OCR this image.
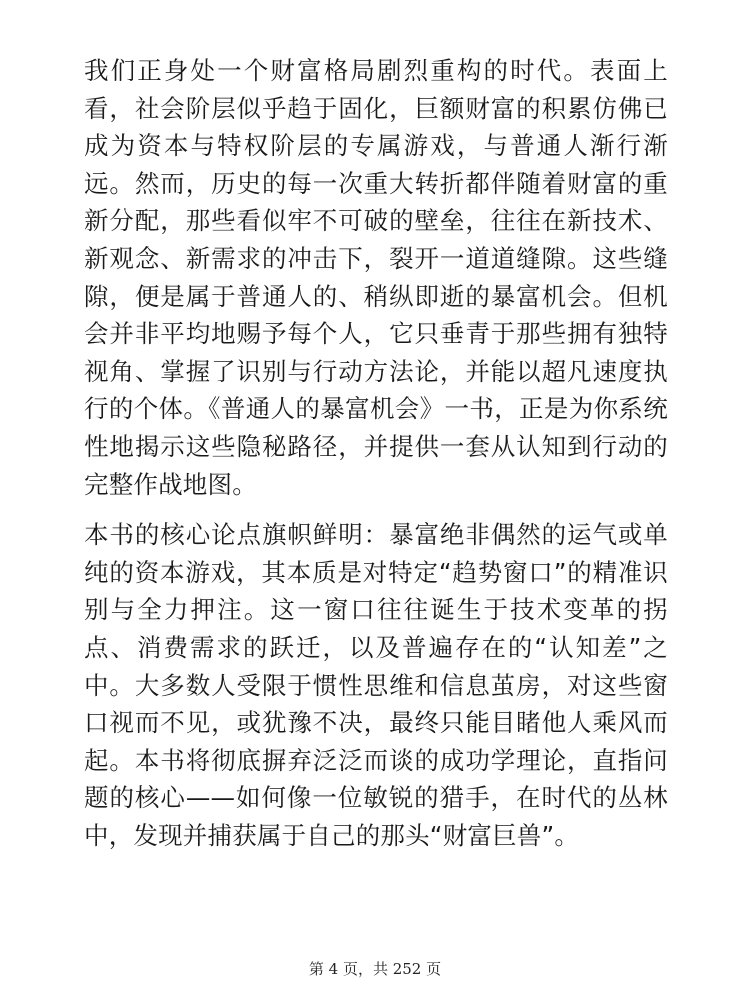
我们正身处一个财富格局剧烈重构的时代。表面上看，社会阶层似乎趋于固化，巨额财富的积累仿佛已成为资本与特权阶层的专属游戏，与普通人渐行渐远。然而，历史的每一次重大转折都伴随着财富的重新分配，那些看似牢不可破的壁垒，往往在新技术、新观念、新需求的冲击下，裂开一道道缝隙。这些缝隙，便是属于普通人的、稍纵即逝的暴富机会。但机会并非平均地赐予每个人，它只垂青于那些拥有独特视角、掌握了识别与行动方法论，并能以超凡速度执行的个体。《普通人的暴富机会》一书，正是为你系统性地揭示这些隐秘路径，并提供一套从认知到行动的完整作战地图。

本书的核心论点旗帜鲜明：暴富绝非偶然的运气或单纯的资本游戏，其本质是对特定“趋势窗口”的精准识别与全力押注。这一窗口往往诞生于技术变革的拐点、消费需求的跃迁，以及普遍存在的“认知差”之中。大多数人受限于惯性思维和信息茧房，对这些窗口视而不见，或犹豫不决，最终只能目睹他人乘风而起。本书将彻底摒弃泛泛而谈的成功学理论，直指问题的核心——如何像一位敏锐的猎手，在时代的丛林中，发现并捕获属于自己的那头“财富巨兽”。

第 4 页，共 252 页
